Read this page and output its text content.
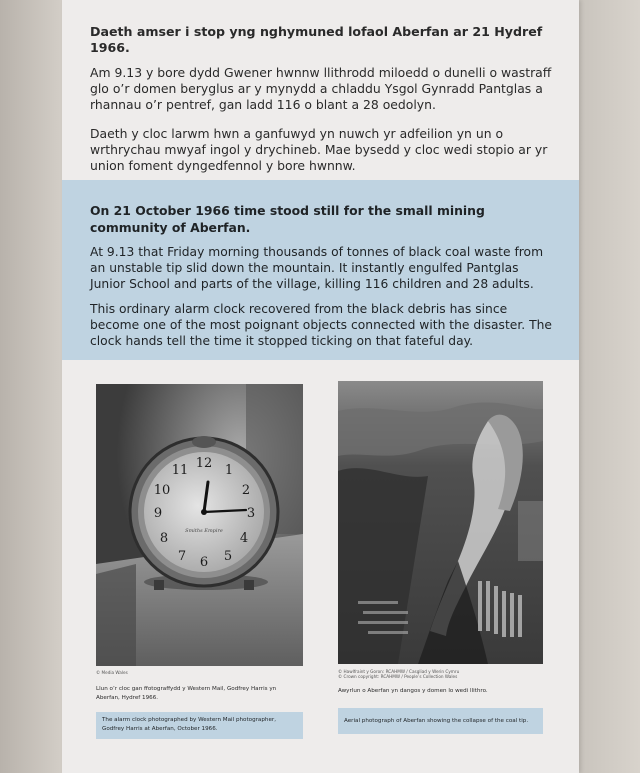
Daeth amser i stop yng nghymuned lofaol Aberfan ar 21 Hydref 1966.

Am 9.13 y bore dydd Gwener hwnnw llithrodd miloedd o dunelli o wastraff glo o’r domen beryglus ar y mynydd a chladdu Ysgol Gynradd Pantglas a rhannau o’r pentref, gan ladd 116 o blant a 28 oedolyn.

Daeth y cloc larwm hwn a ganfuwyd yn nuwch yr adfeilion yn un o wrthrychau mwyaf ingol y drychineb. Mae bysedd y cloc wedi stopio ar yr union foment dyngedfennol y bore hwnnw.

On 21 October 1966 time stood still for the small mining community of Aberfan.

At 9.13 that Friday morning thousands of tonnes of black coal waste from an unstable tip slid down the mountain. It instantly engulfed Pantglas Junior School and parts of the village, killing 116 children and 28 adults.

This ordinary alarm clock recovered from the black debris has since become one of the most poignant objects connected with the disaster. The clock hands tell the time it stopped ticking on that fateful day.

12 1
2
3
4
5
6
7
8
9
10
11
Smiths Empire
© Media Wales
Llun o’r cloc gan ffotograffydd y Western Mail, Godfrey Harris yn Aberfan, Hydref 1966.
The alarm clock photographed by Western Mail photographer, Godfrey Harris at Aberfan, October 1966.
© Hawlfraint y Goron: RCAHMW / Casgliad y Werin Cymru
© Crown copyright: RCAHMW / People’s Collection Wales
Awyrlun o Aberfan yn dangos y domen lo wedi llithro.
Aerial photograph of Aberfan showing the collapse of the coal tip.
